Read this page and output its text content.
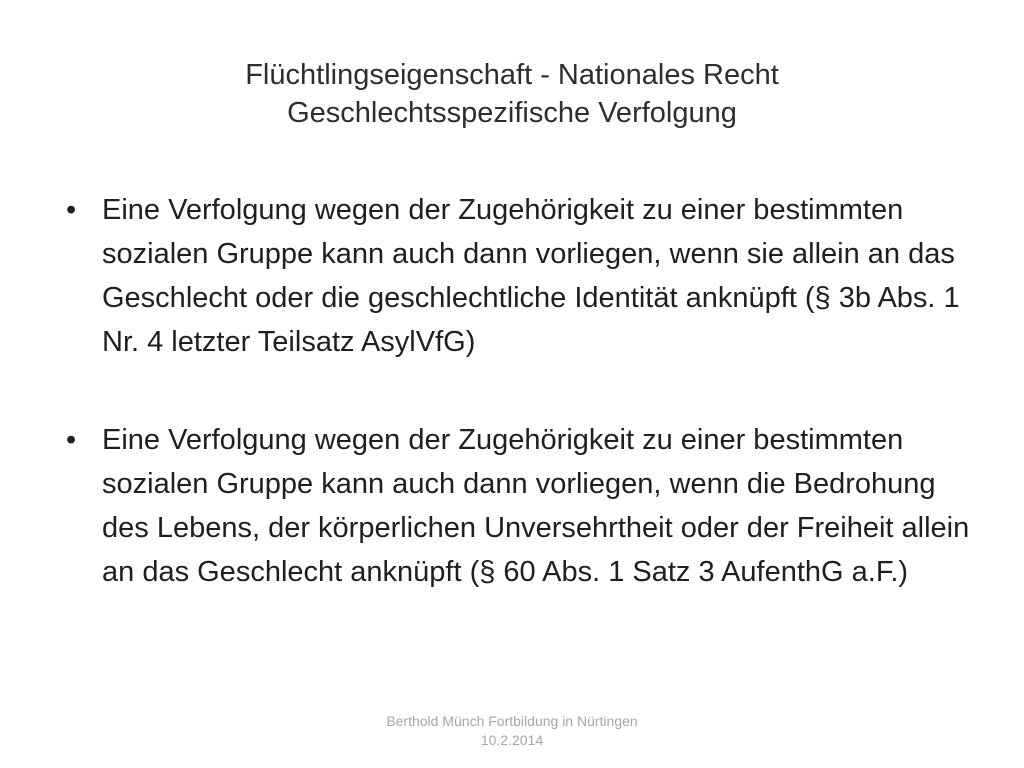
Flüchtlingseigenschaft - Nationales Recht
Geschlechtsspezifische Verfolgung
• Eine Verfolgung wegen der Zugehörigkeit zu einer bestimmten sozialen Gruppe kann auch dann vorliegen, wenn sie allein an das Geschlecht oder die geschlechtliche Identität anknüpft (§ 3b Abs. 1 Nr. 4 letzter Teilsatz AsylVfG)
• Eine Verfolgung wegen der Zugehörigkeit zu einer bestimmten sozialen Gruppe kann auch dann vorliegen, wenn die Bedrohung des Lebens, der körperlichen Unversehrtheit oder der Freiheit allein an das Geschlecht anknüpft (§ 60 Abs. 1 Satz 3 AufenthG a.F.)
Berthold Münch Fortbildung in Nürtingen
10.2.2014
